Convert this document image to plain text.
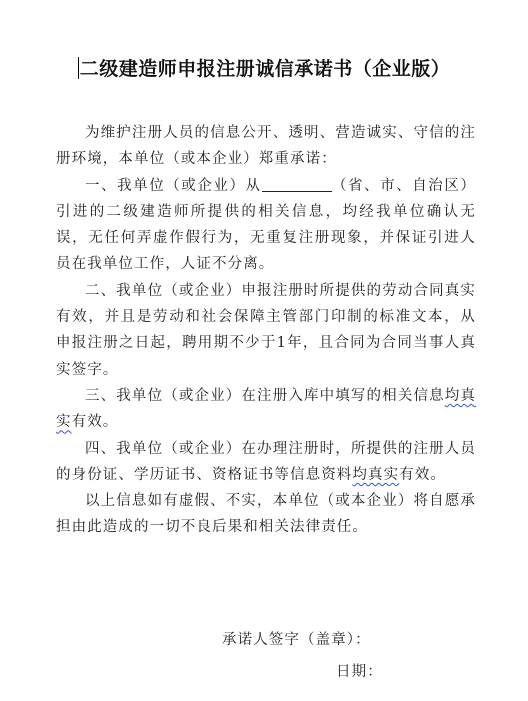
二级建造师申报注册诚信承诺书（企业版）

为维护注册人员的信息公开、透明、营造诚实、守信的注册环境，本单位（或本企业）郑重承诺：

一、我单位（或企业）从	（省、市、自治区）引进的二级建造师所提供的相关信息，均经我单位确认无误，无任何弄虚作假行为，无重复注册现象，并保证引进人员在我单位工作，人证不分离。

二、我单位（或企业）申报注册时所提供的劳动合同真实有效，并且是劳动和社会保障主管部门印制的标准文本，从申报注册之日起，聘用期不少于1年，且合同为合同当事人真实签字。

三、我单位（或企业）在注册入库中填写的相关信息均真实有效。

四、我单位（或企业）在办理注册时，所提供的注册人员的身份证、学历证书、资格证书等信息资料均真实有效。

以上信息如有虚假、不实，本单位（或本企业）将自愿承担由此造成的一切不良后果和相关法律责任。

承诺人签字（盖章）：
日期：
